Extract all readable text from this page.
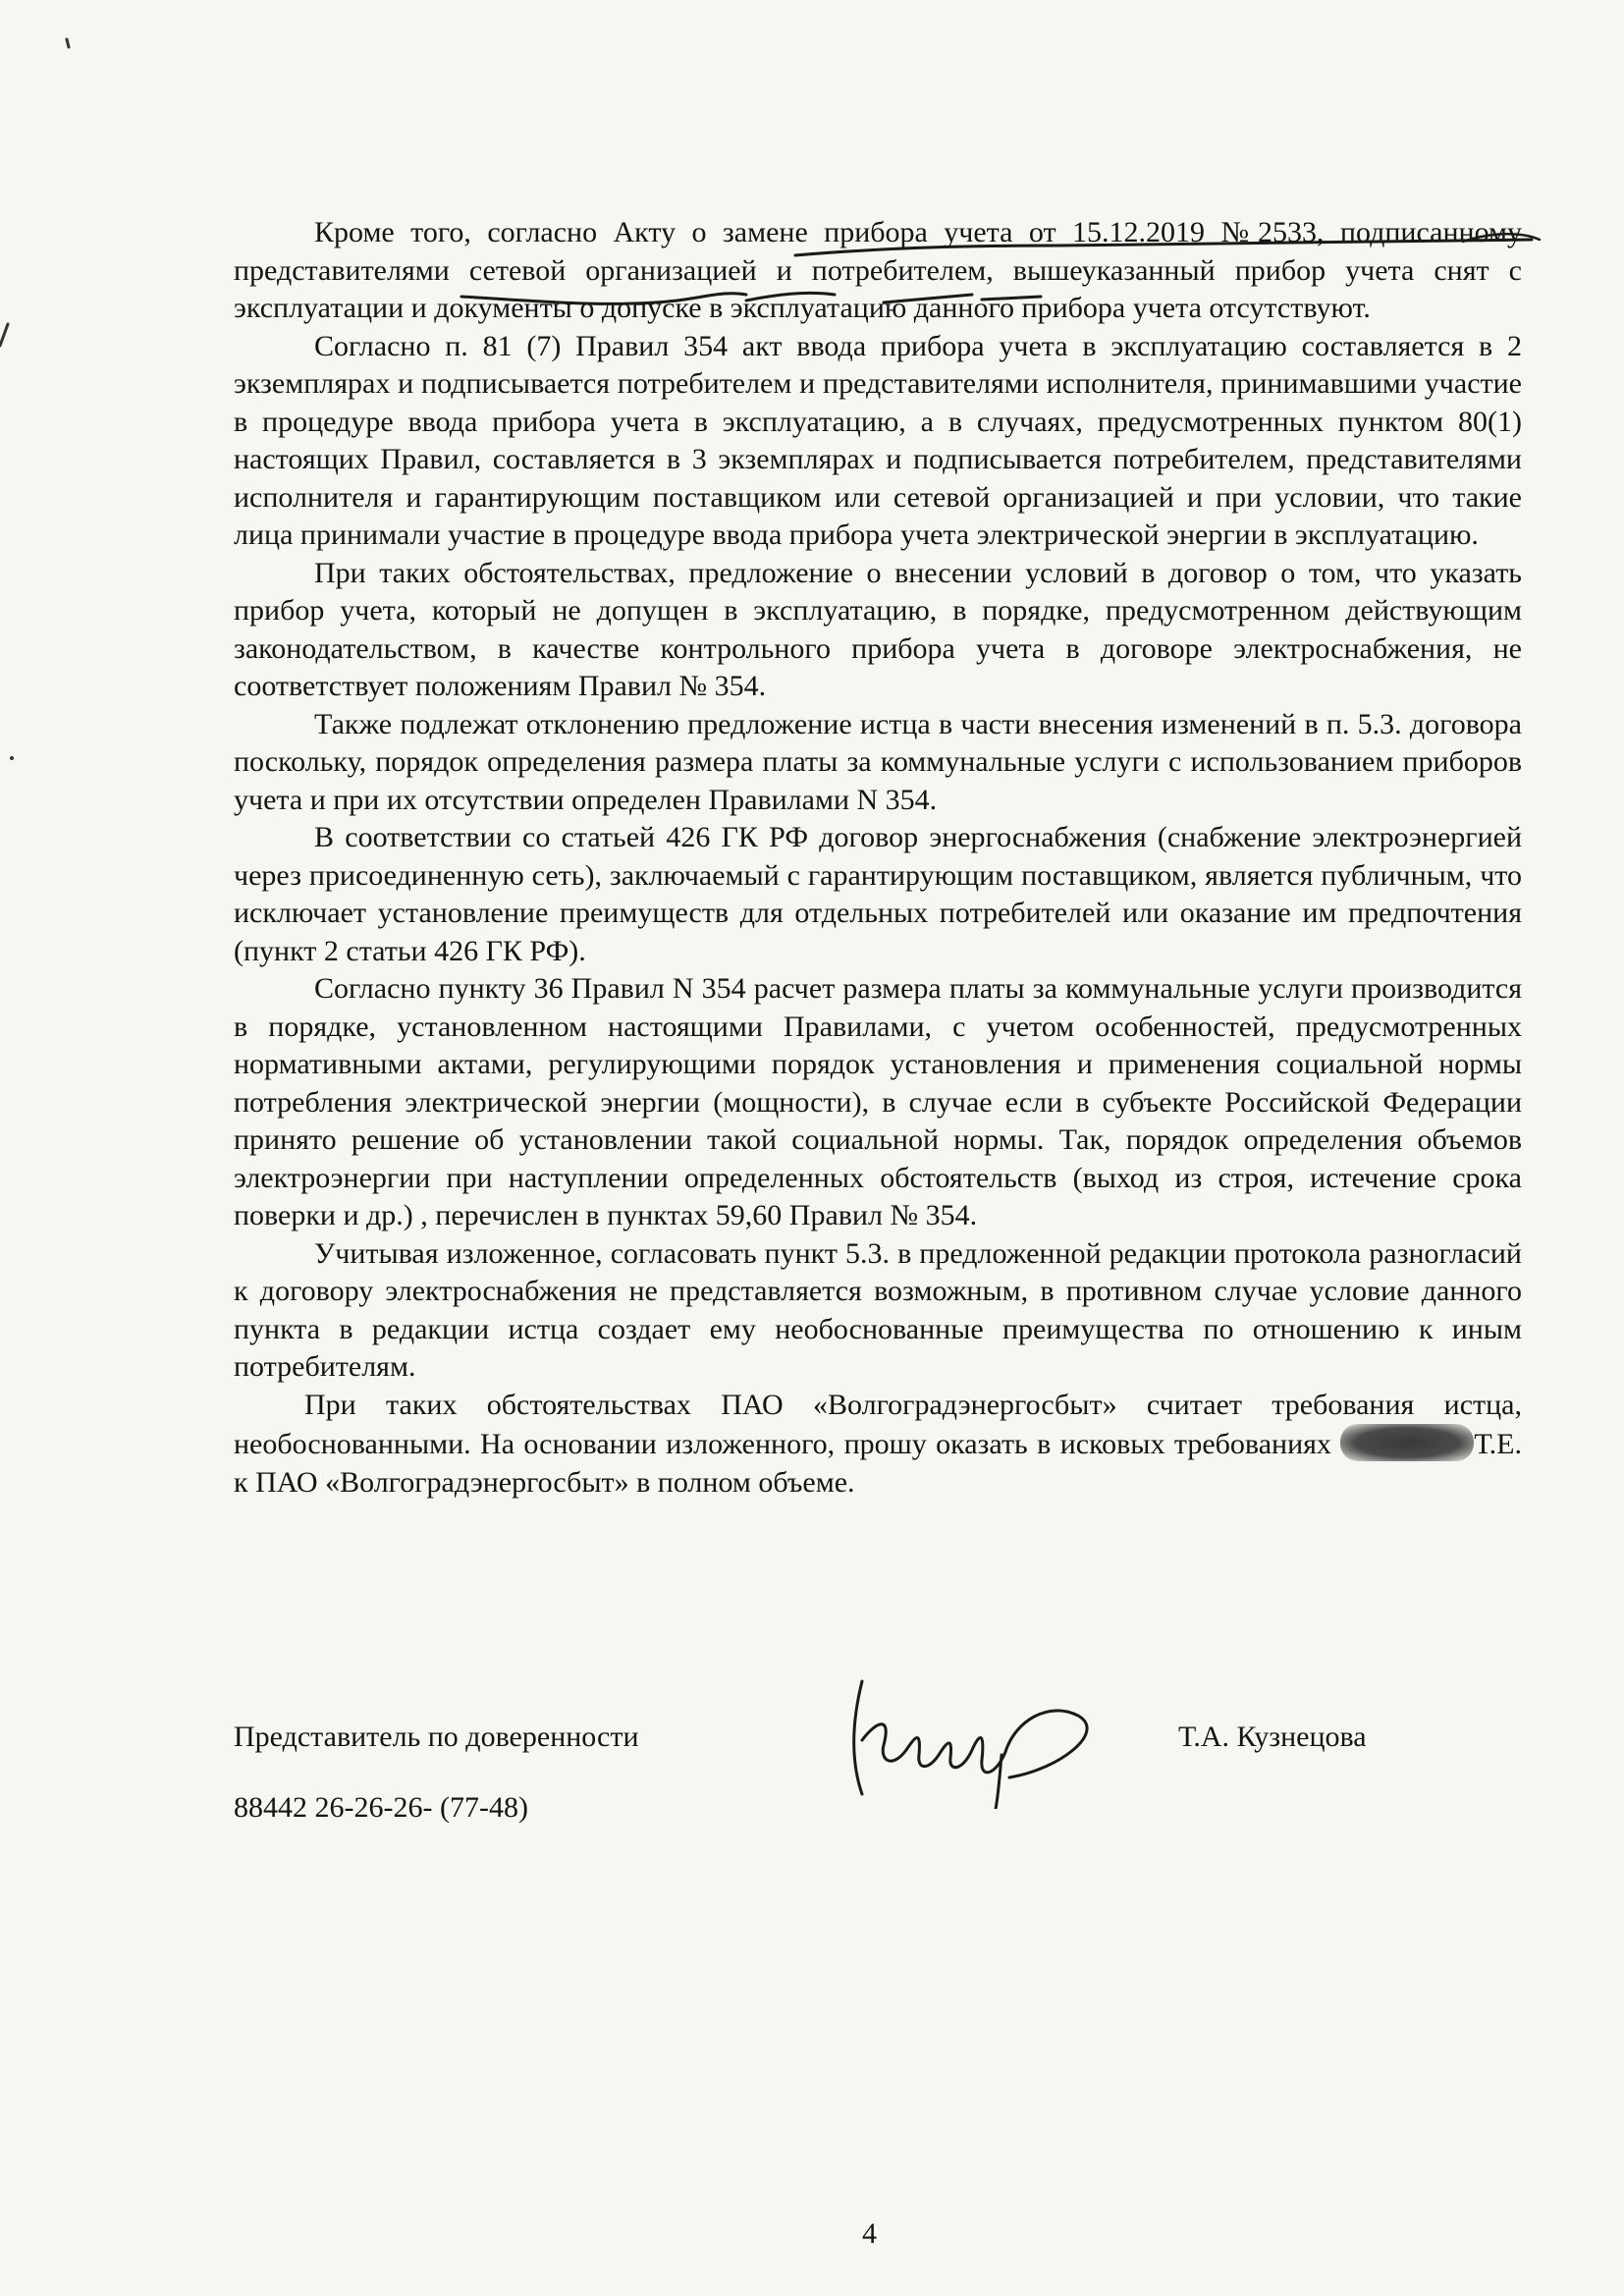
Кроме того, согласно Акту о замене прибора учета от 15.12.2019 №2533, подписанному представителями сетевой организацией и потребителем, вышеуказанный прибор учета снят с эксплуатации и документы о допуске в эксплуатацию данного прибора учета отсутствуют.

Согласно п. 81 (7) Правил 354 акт ввода прибора учета в эксплуатацию составляется в 2 экземплярах и подписывается потребителем и представителями исполнителя, принимавшими участие в процедуре ввода прибора учета в эксплуатацию, а в случаях, предусмотренных пунктом 80(1) настоящих Правил, составляется в 3 экземплярах и подписывается потребителем, представителями исполнителя и гарантирующим поставщиком или сетевой организацией и при условии, что такие лица принимали участие в процедуре ввода прибора учета электрической энергии в эксплуатацию.

При таких обстоятельствах, предложение о внесении условий в договор о том, что указать прибор учета, который не допущен в эксплуатацию, в порядке, предусмотренном действующим законодательством, в качестве контрольного прибора учета в договоре электроснабжения, не соответствует положениям Правил № 354.

Также подлежат отклонению предложение истца в части внесения изменений в п. 5.3. договора поскольку, порядок определения размера платы за коммунальные услуги с использованием приборов учета и при их отсутствии определен Правилами N 354.

В соответствии со статьей 426 ГК РФ договор энергоснабжения (снабжение электроэнергией через присоединенную сеть), заключаемый с гарантирующим поставщиком, является публичным, что исключает установление преимуществ для отдельных потребителей или оказание им предпочтения (пункт 2 статьи 426 ГК РФ).

Согласно пункту 36 Правил N 354 расчет размера платы за коммунальные услуги производится в порядке, установленном настоящими Правилами, с учетом особенностей, предусмотренных нормативными актами, регулирующими порядок установления и применения социальной нормы потребления электрической энергии (мощности), в случае если в субъекте Российской Федерации принято решение об установлении такой социальной нормы. Так, порядок определения объемов электроэнергии при наступлении определенных обстоятельств (выход из строя, истечение срока поверки и др.) , перечислен в пунктах 59,60 Правил № 354.

Учитывая изложенное, согласовать пункт 5.3. в предложенной редакции протокола разногласий к договору электроснабжения не представляется возможным, в противном случае условие данного пункта в редакции истца создает ему необоснованные преимущества по отношению к иным потребителям.

При таких обстоятельствах ПАО «Волгоградэнергосбыт» считает требования истца, необоснованными. На основании изложенного, прошу оказать в исковых требованиях	Т.Е. к ПАО «Волгоградэнергосбыт» в полном объеме.

Представитель по доверенности	Т.А. Кузнецова
88442 26-26-26- (77-48)
4
